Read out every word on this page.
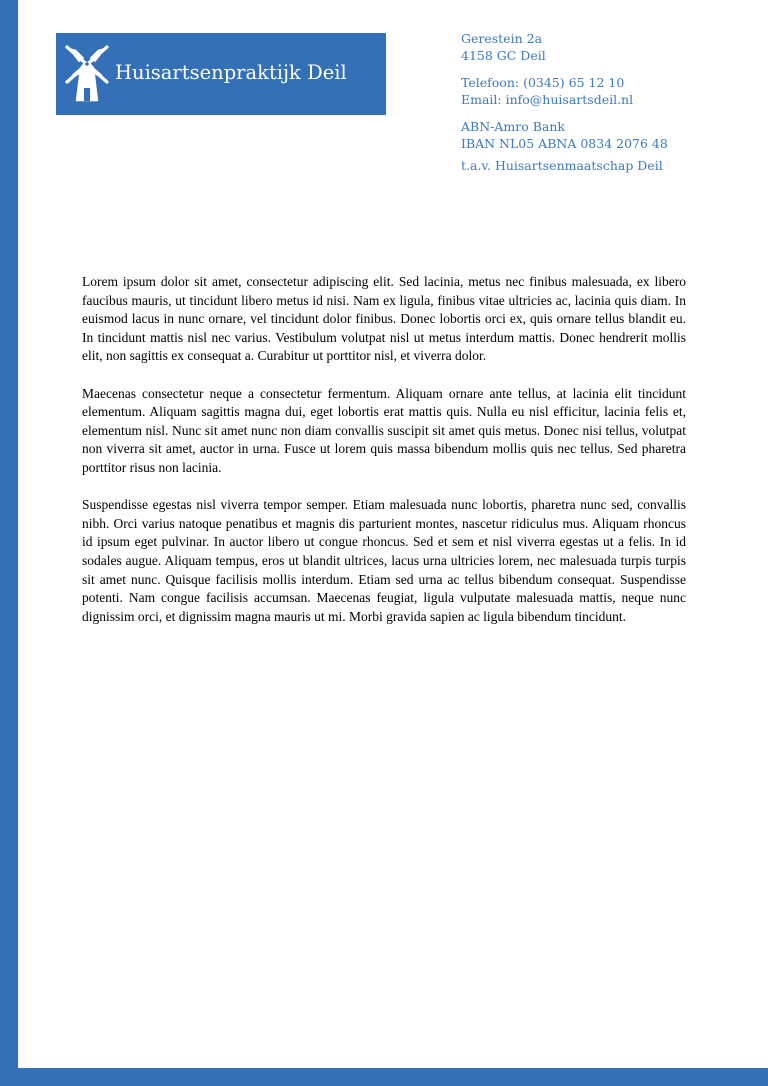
Huisartsenpraktijk Deil
Gerestein 2a
4158 GC Deil
Telefoon: (0345) 65 12 10
Email: info@huisartsdeil.nl
ABN-Amro Bank
IBAN NL05 ABNA 0834 2076 48
t.a.v. Huisartsenmaatschap Deil

Lorem ipsum dolor sit amet, consectetur adipiscing elit. Sed lacinia, metus nec finibus malesuada, ex libero faucibus mauris, ut tincidunt libero metus id nisi. Nam ex ligula, finibus vitae ultricies ac, lacinia quis diam. In euismod lacus in nunc ornare, vel tincidunt dolor finibus. Donec lobortis orci ex, quis ornare tellus blandit eu. In tincidunt mattis nisl nec varius. Vestibulum volutpat nisl ut metus interdum mattis. Donec hendrerit mollis elit, non sagittis ex consequat a. Curabitur ut porttitor nisl, et viverra dolor.

Maecenas consectetur neque a consectetur fermentum. Aliquam ornare ante tellus, at lacinia elit tincidunt elementum. Aliquam sagittis magna dui, eget lobortis erat mattis quis. Nulla eu nisl efficitur, lacinia felis et, elementum nisl. Nunc sit amet nunc non diam convallis suscipit sit amet quis metus. Donec nisi tellus, volutpat non viverra sit amet, auctor in urna. Fusce ut lorem quis massa bibendum mollis quis nec tellus. Sed pharetra porttitor risus non lacinia.

Suspendisse egestas nisl viverra tempor semper. Etiam malesuada nunc lobortis, pharetra nunc sed, convallis nibh. Orci varius natoque penatibus et magnis dis parturient montes, nascetur ridiculus mus. Aliquam rhoncus id ipsum eget pulvinar. In auctor libero ut congue rhoncus. Sed et sem et nisl viverra egestas ut a felis. In id sodales augue. Aliquam tempus, eros ut blandit ultrices, lacus urna ultricies lorem, nec malesuada turpis turpis sit amet nunc. Quisque facilisis mollis interdum. Etiam sed urna ac tellus bibendum consequat. Suspendisse potenti. Nam congue facilisis accumsan. Maecenas feugiat, ligula vulputate malesuada mattis, neque nunc dignissim orci, et dignissim magna mauris ut mi. Morbi gravida sapien ac ligula bibendum tincidunt.
